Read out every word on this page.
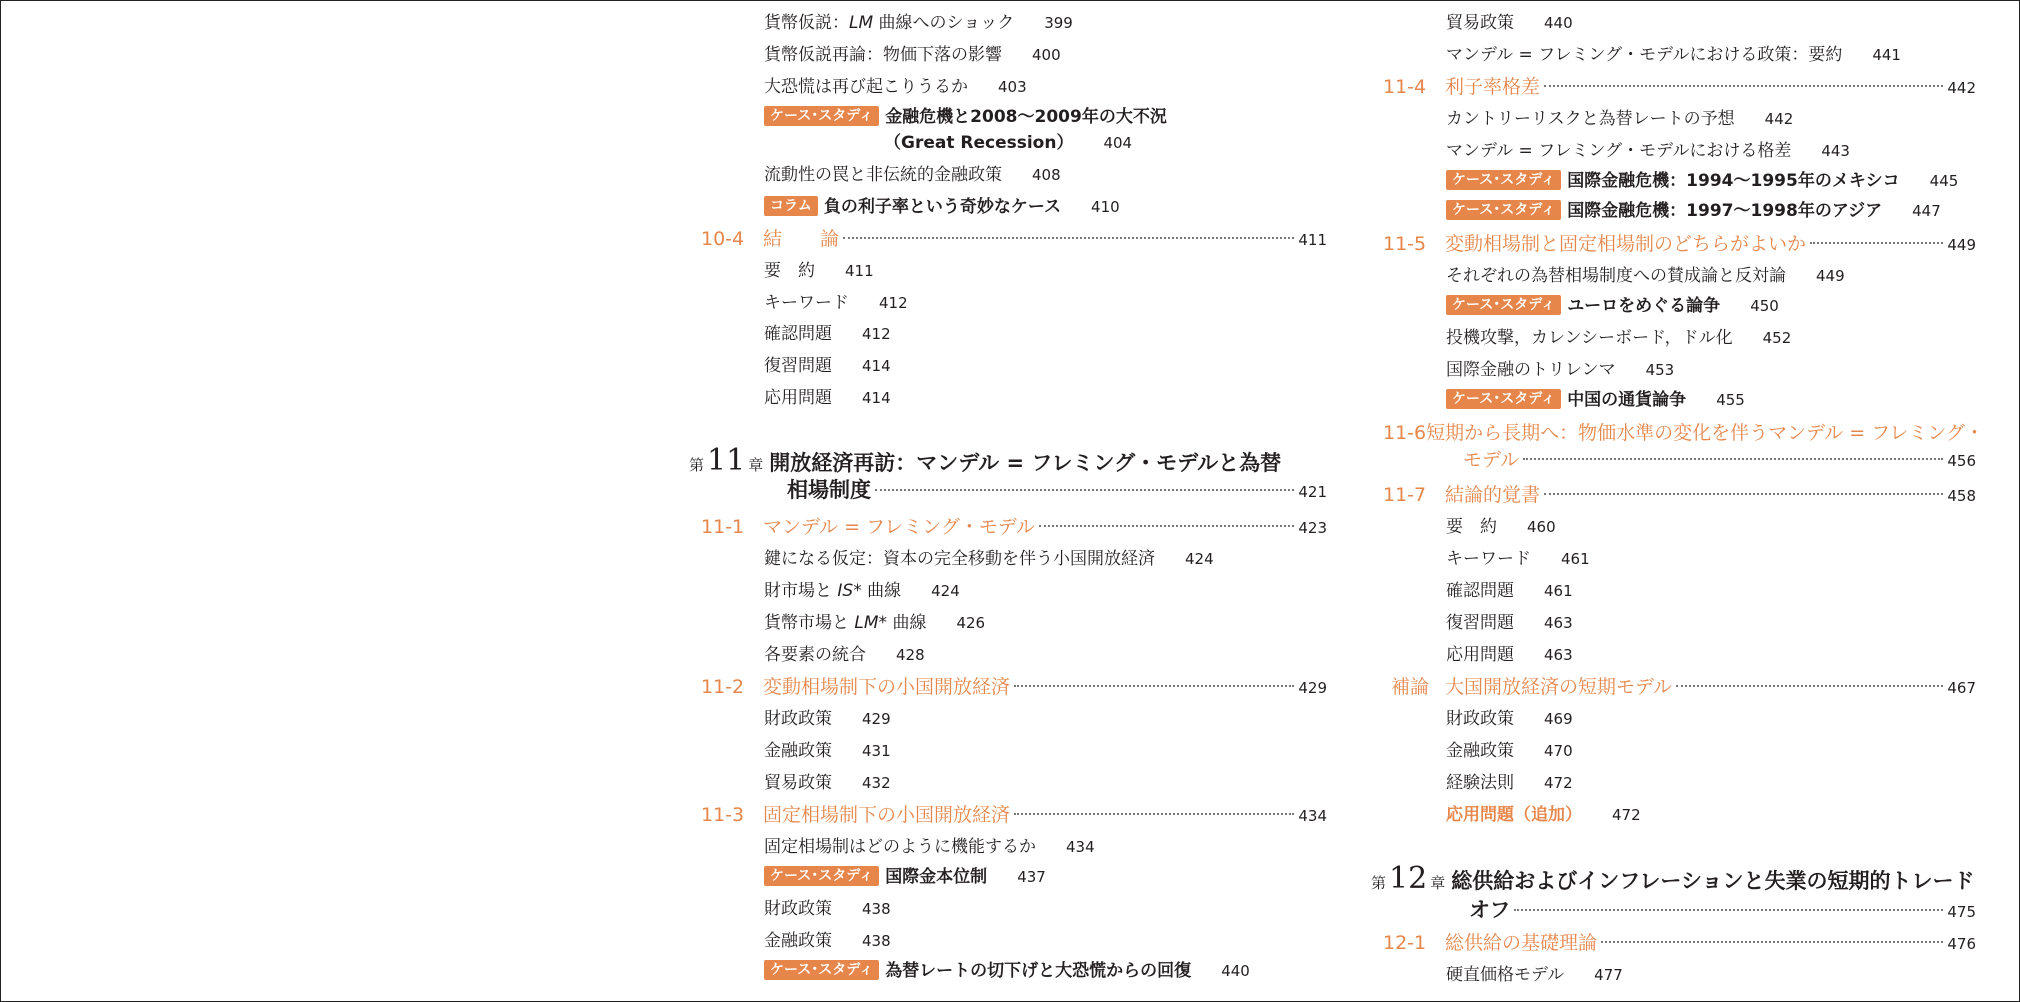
貨幣仮説：LM 曲線へのショック 399
貨幣仮説再論：物価下落の影響 400
大恐慌は再び起こりうるか 403
ケース･スタディ 金融危機と2008～2009年の大不況
（Great Recession） 404
流動性の罠と非伝統的金融政策 408
コラム 負の利子率という奇妙なケース 410
10-4 結　　論	411
要　約 411
キーワード 412
確認問題 412
復習問題 414
応用問題 414
第 11 章 開放経済再訪：マンデル = フレミング・モデルと為替
相場制度	421
11-1 マンデル = フレミング・モデル	423
鍵になる仮定：資本の完全移動を伴う小国開放経済 424
財市場と IS* 曲線 424
貨幣市場と LM* 曲線 426
各要素の統合 428
11-2 変動相場制下の小国開放経済	429
財政政策 429
金融政策 431
貿易政策 432
11-3 固定相場制下の小国開放経済	434
固定相場制はどのように機能するか 434
ケース･スタディ 国際金本位制 437
財政政策 438
金融政策 438
ケース･スタディ 為替レートの切下げと大恐慌からの回復 440
貿易政策 440
マンデル = フレミング・モデルにおける政策：要約 441
11-4 利子率格差	442
カントリーリスクと為替レートの予想 442
マンデル = フレミング・モデルにおける格差 443
ケース･スタディ 国際金融危機：1994～1995年のメキシコ 445
ケース･スタディ 国際金融危機：1997～1998年のアジア 447
11-5 変動相場制と固定相場制のどちらがよいか	449
それぞれの為替相場制度への賛成論と反対論 449
ケース･スタディ ユーロをめぐる論争 450
投機攻撃，カレンシーボード，ドル化 452
国際金融のトリレンマ 453
ケース･スタディ 中国の通貨論争 455
11-6 短期から長期へ：物価水準の変化を伴うマンデル = フレミング・
モデル	456
11-7 結論的覚書	458
要　約 460
キーワード 461
確認問題 461
復習問題 463
応用問題 463
補論 大国開放経済の短期モデル	467
財政政策 469
金融政策 470
経験法則 472
応用問題（追加） 472
第 12 章 総供給およびインフレーションと失業の短期的トレード
オフ	475
12-1 総供給の基礎理論	476
硬直価格モデル 477
